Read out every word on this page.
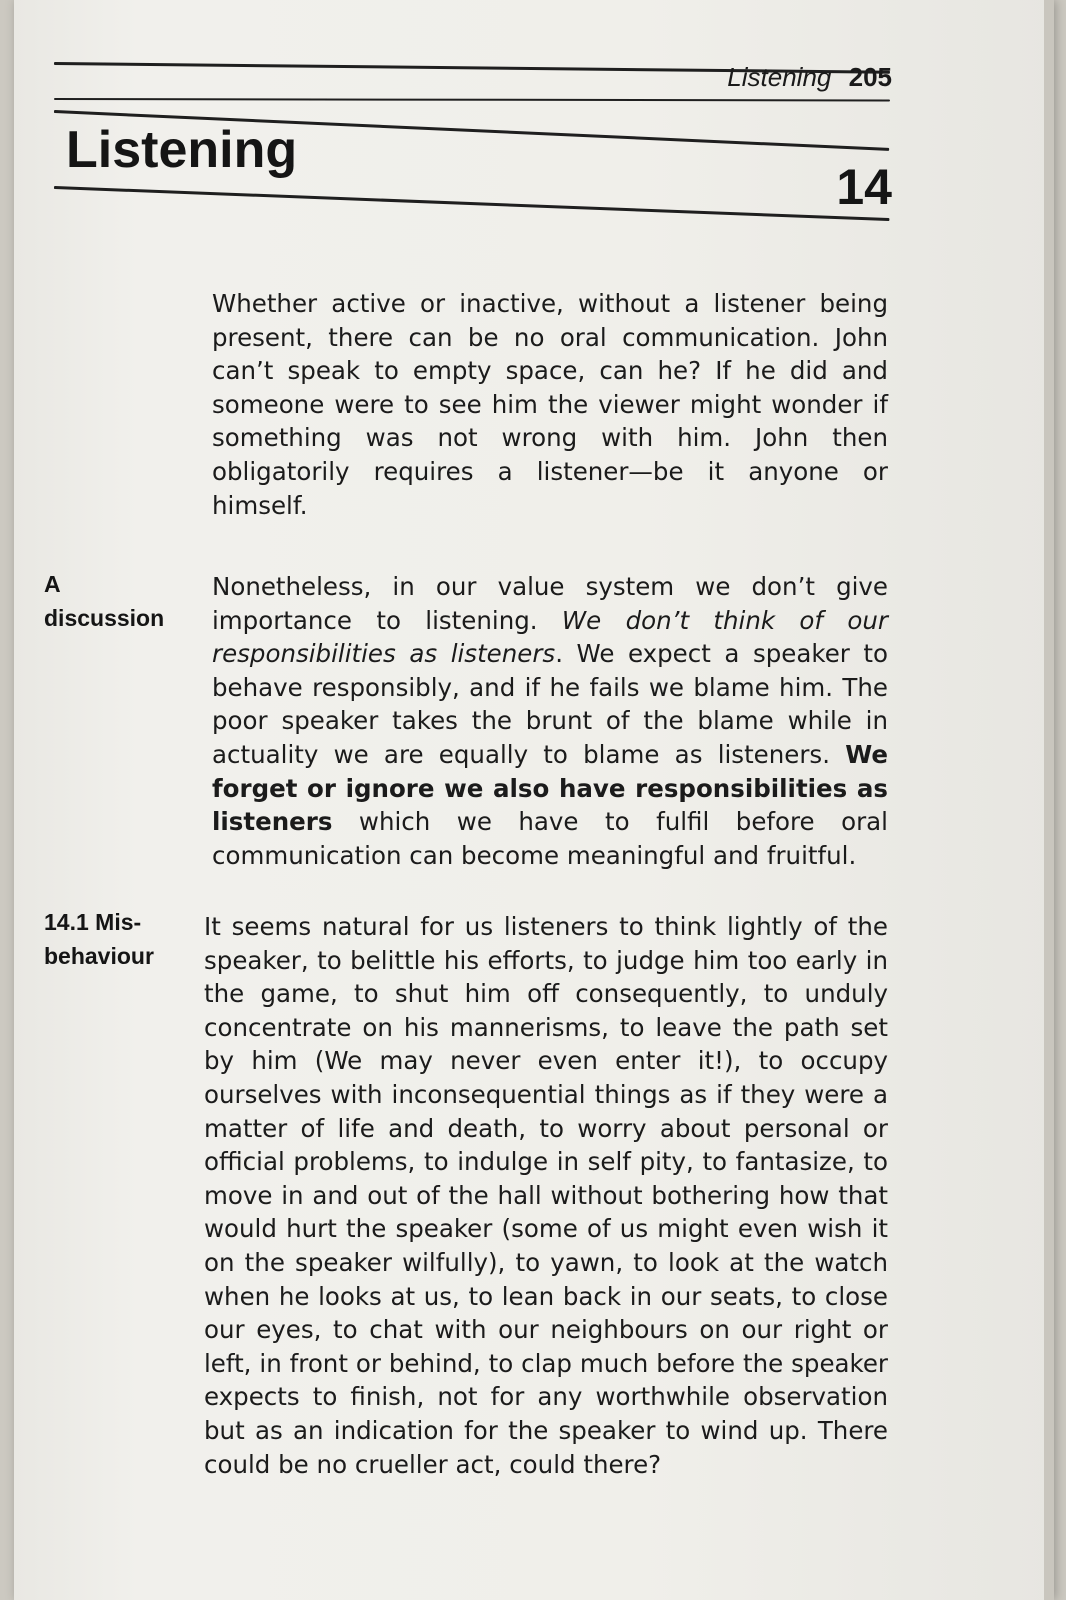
Listening 205
Listening
14

Whether active or inactive, without a listener being present, there can be no oral communication. John can’t speak to empty space, can he? If he did and someone were to see him the viewer might wonder if something was not wrong with him. John then obligatorily requires a listener—be it anyone or himself.

A
discussion

Nonetheless, in our value system we don’t give importance to listening. We don’t think of our responsibilities as listeners. We expect a speaker to behave responsibly, and if he fails we blame him. The poor speaker takes the brunt of the blame while in actuality we are equally to blame as listeners. We forget or ignore we also have responsibilities as listeners which we have to fulfil before oral communication can become meaningful and fruitful.

14.1 Mis-
behaviour

It seems natural for us listeners to think lightly of the speaker, to belittle his efforts, to judge him too early in the game, to shut him off consequently, to unduly concentrate on his mannerisms, to leave the path set by him (We may never even enter it!), to occupy ourselves with inconsequential things as if they were a matter of life and death, to worry about personal or official problems, to indulge in self pity, to fantasize, to move in and out of the hall without bothering how that would hurt the speaker (some of us might even wish it on the speaker wilfully), to yawn, to look at the watch when he looks at us, to lean back in our seats, to close our eyes, to chat with our neighbours on our right or left, in front or behind, to clap much before the speaker expects to finish, not for any worthwhile observation but as an indication for the speaker to wind up. There could be no crueller act, could there?
